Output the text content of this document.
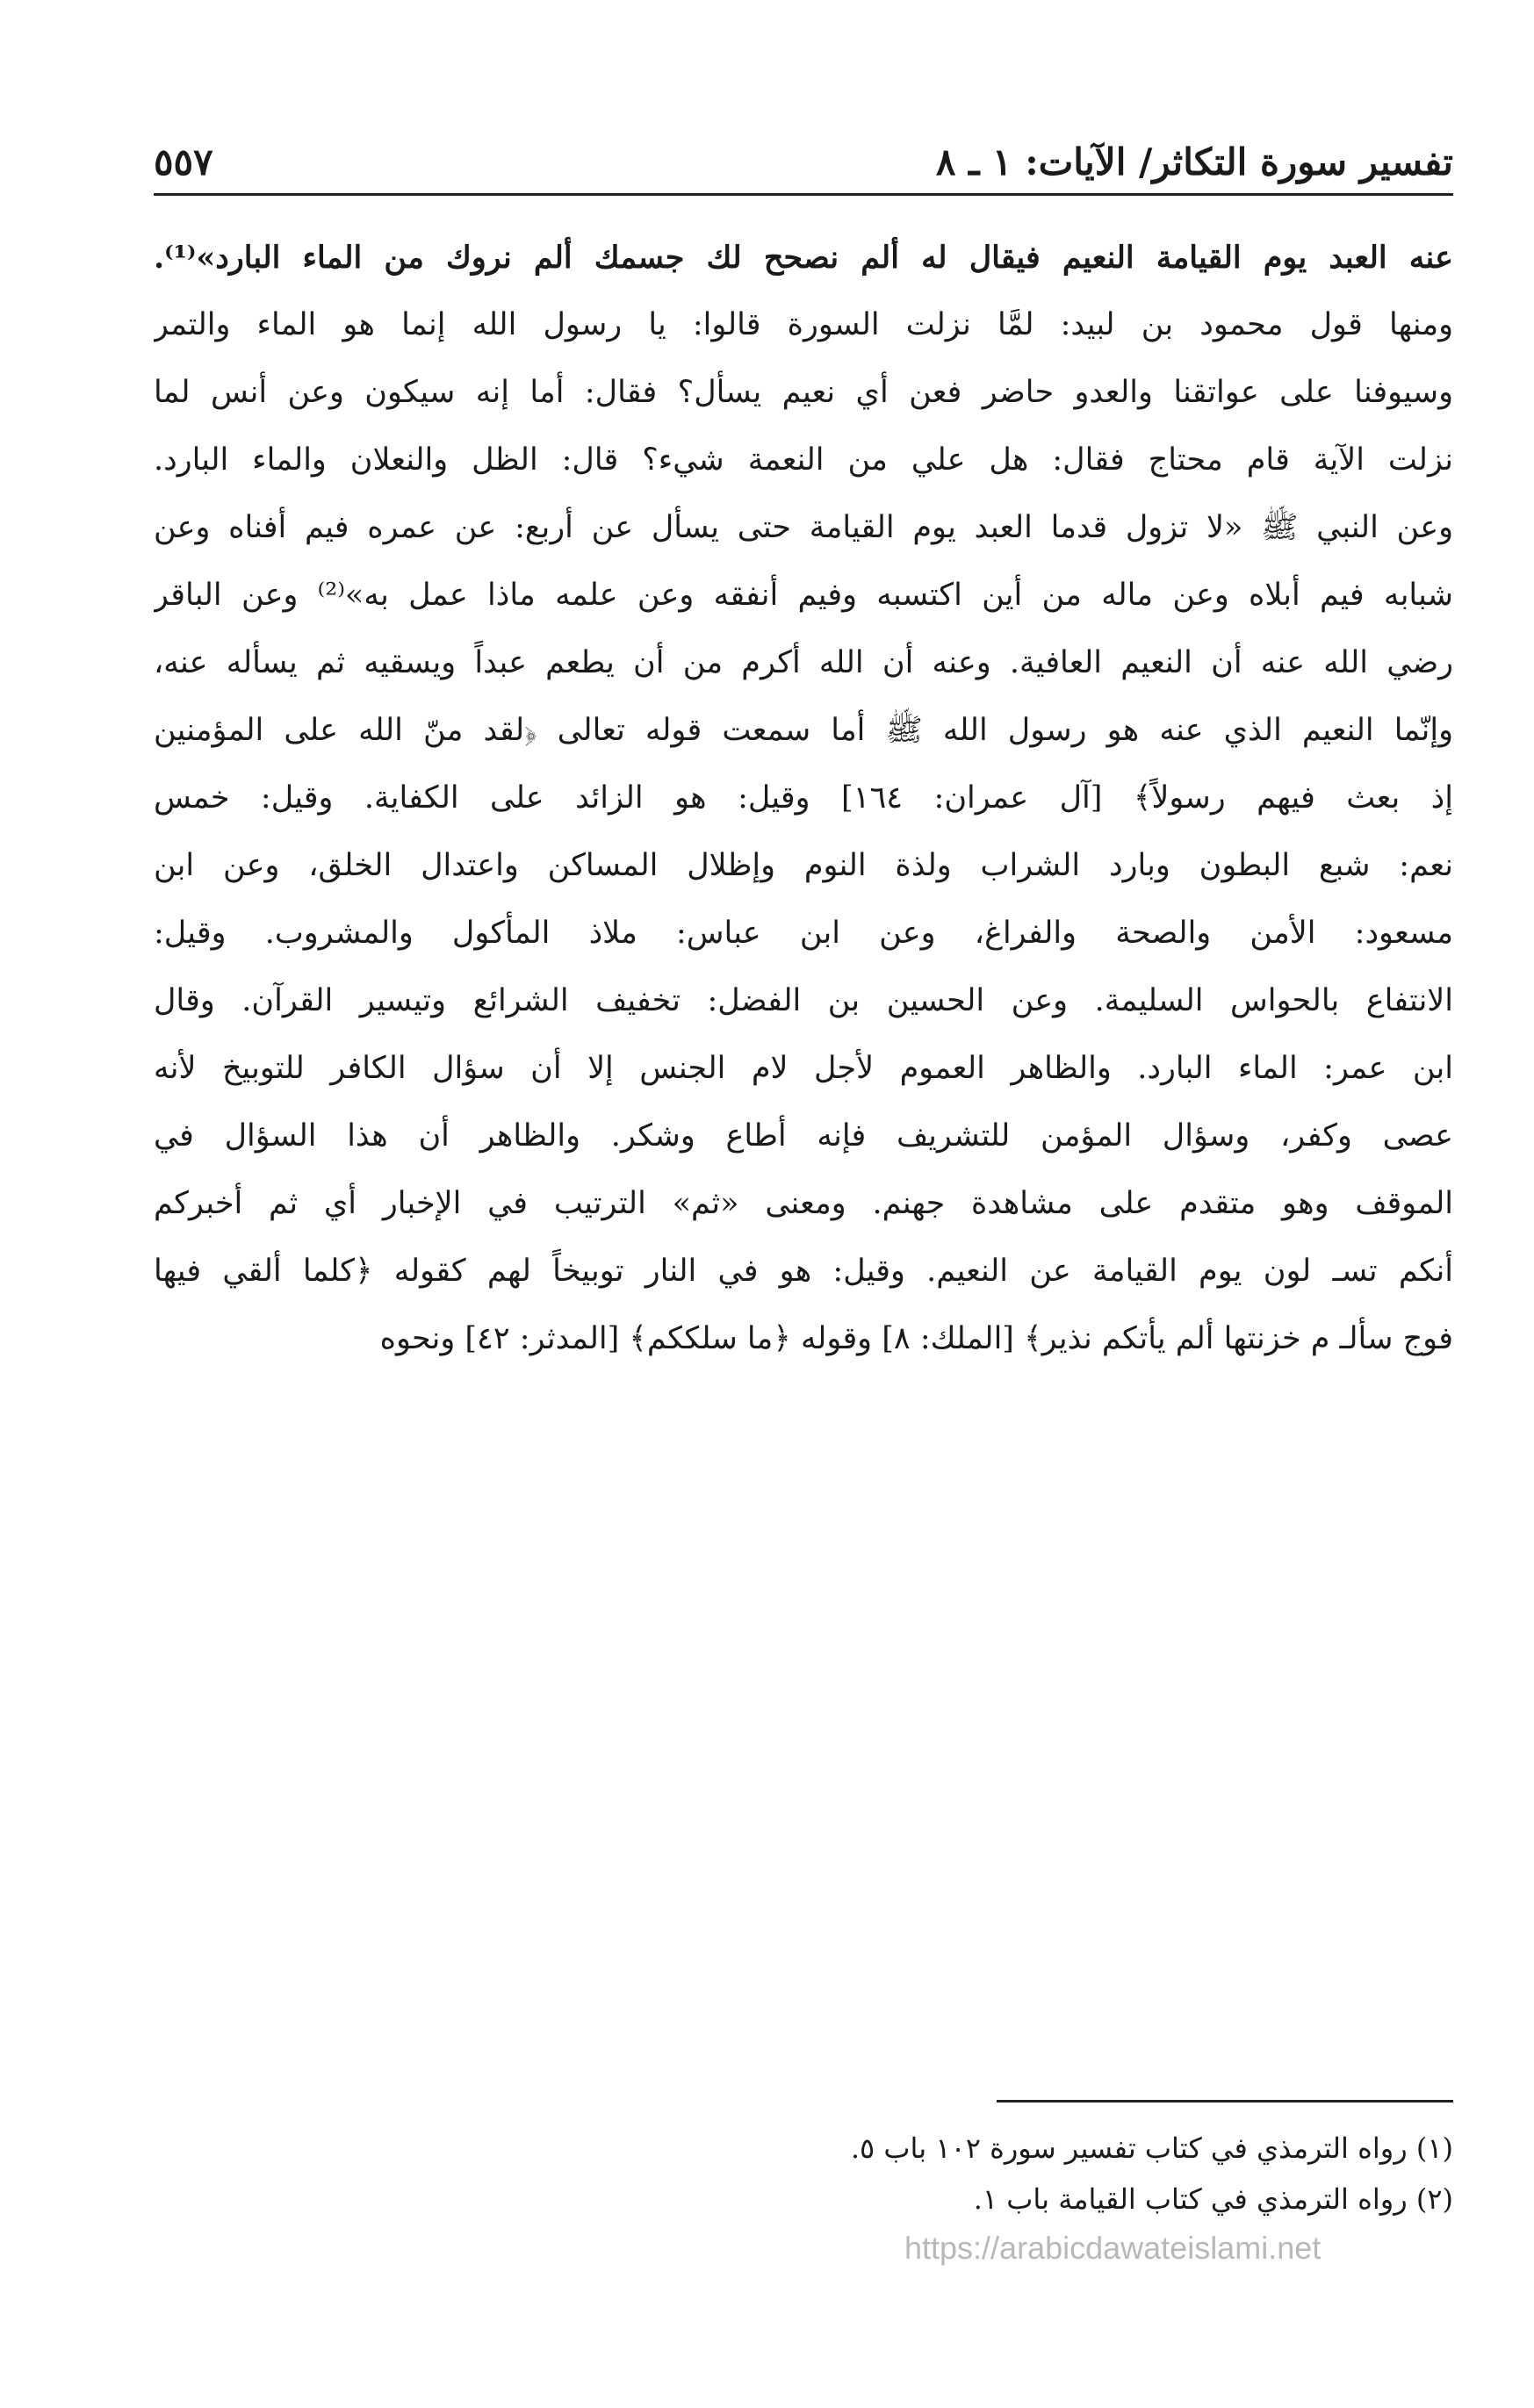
تفسير سورة التكاثر/ الآيات: ١ ـ ٨
٥٥٧
عنه العبد يوم القيامة النعيم فيقال له ألم نصحح لك جسمك ألم نروك من الماء البارد»⁽¹⁾.
ومنها قول محمود بن لبيد: لمَّا نزلت السورة قالوا: يا رسول الله إنما هو الماء والتمر
وسيوفنا على عواتقنا والعدو حاضر فعن أي نعيم يسأل؟ فقال: أما إنه سيكون وعن أنس لما
نزلت الآية قام محتاج فقال: هل علي من النعمة شيء؟ قال: الظل والنعلان والماء البارد.
وعن النبي ﷺ «لا تزول قدما العبد يوم القيامة حتى يسأل عن أربع: عن عمره فيم أفناه وعن
شبابه فيم أبلاه وعن ماله من أين اكتسبه وفيم أنفقه وعن علمه ماذا عمل به»⁽²⁾ وعن الباقر
رضي الله عنه أن النعيم العافية. وعنه أن الله أكرم من أن يطعم عبداً ويسقيه ثم يسأله عنه،
وإنّما النعيم الذي عنه هو رسول الله ﷺ أما سمعت قوله تعالى ﴿لقد منّ الله على المؤمنين
إذ بعث فيهم رسولاً﴾ [آل عمران: ١٦٤] وقيل: هو الزائد على الكفاية. وقيل: خمس
نعم: شبع البطون وبارد الشراب ولذة النوم وإظلال المساكن واعتدال الخلق، وعن ابن
مسعود: الأمن والصحة والفراغ، وعن ابن عباس: ملاذ المأكول والمشروب. وقيل:
الانتفاع بالحواس السليمة. وعن الحسين بن الفضل: تخفيف الشرائع وتيسير القرآن. وقال
ابن عمر: الماء البارد. والظاهر العموم لأجل لام الجنس إلا أن سؤال الكافر للتوبيخ لأنه
عصى وكفر، وسؤال المؤمن للتشريف فإنه أطاع وشكر. والظاهر أن هذا السؤال في
الموقف وهو متقدم على مشاهدة جهنم. ومعنى «ثم» الترتيب في الإخبار أي ثم أخبركم
أنكم تسـ لون يوم القيامة عن النعيم. وقيل: هو في النار توبيخاً لهم كقوله ﴿كلما ألقي فيها
فوج سألـ م خزنتها ألم يأتكم نذير﴾ [الملك: ٨] وقوله ﴿ما سلككم﴾ [المدثر: ٤٢] ونحوه
(١) رواه الترمذي في كتاب تفسير سورة ١٠٢ باب ٥.
(٢) رواه الترمذي في كتاب القيامة باب ١.
https://arabicdawateislami.net
